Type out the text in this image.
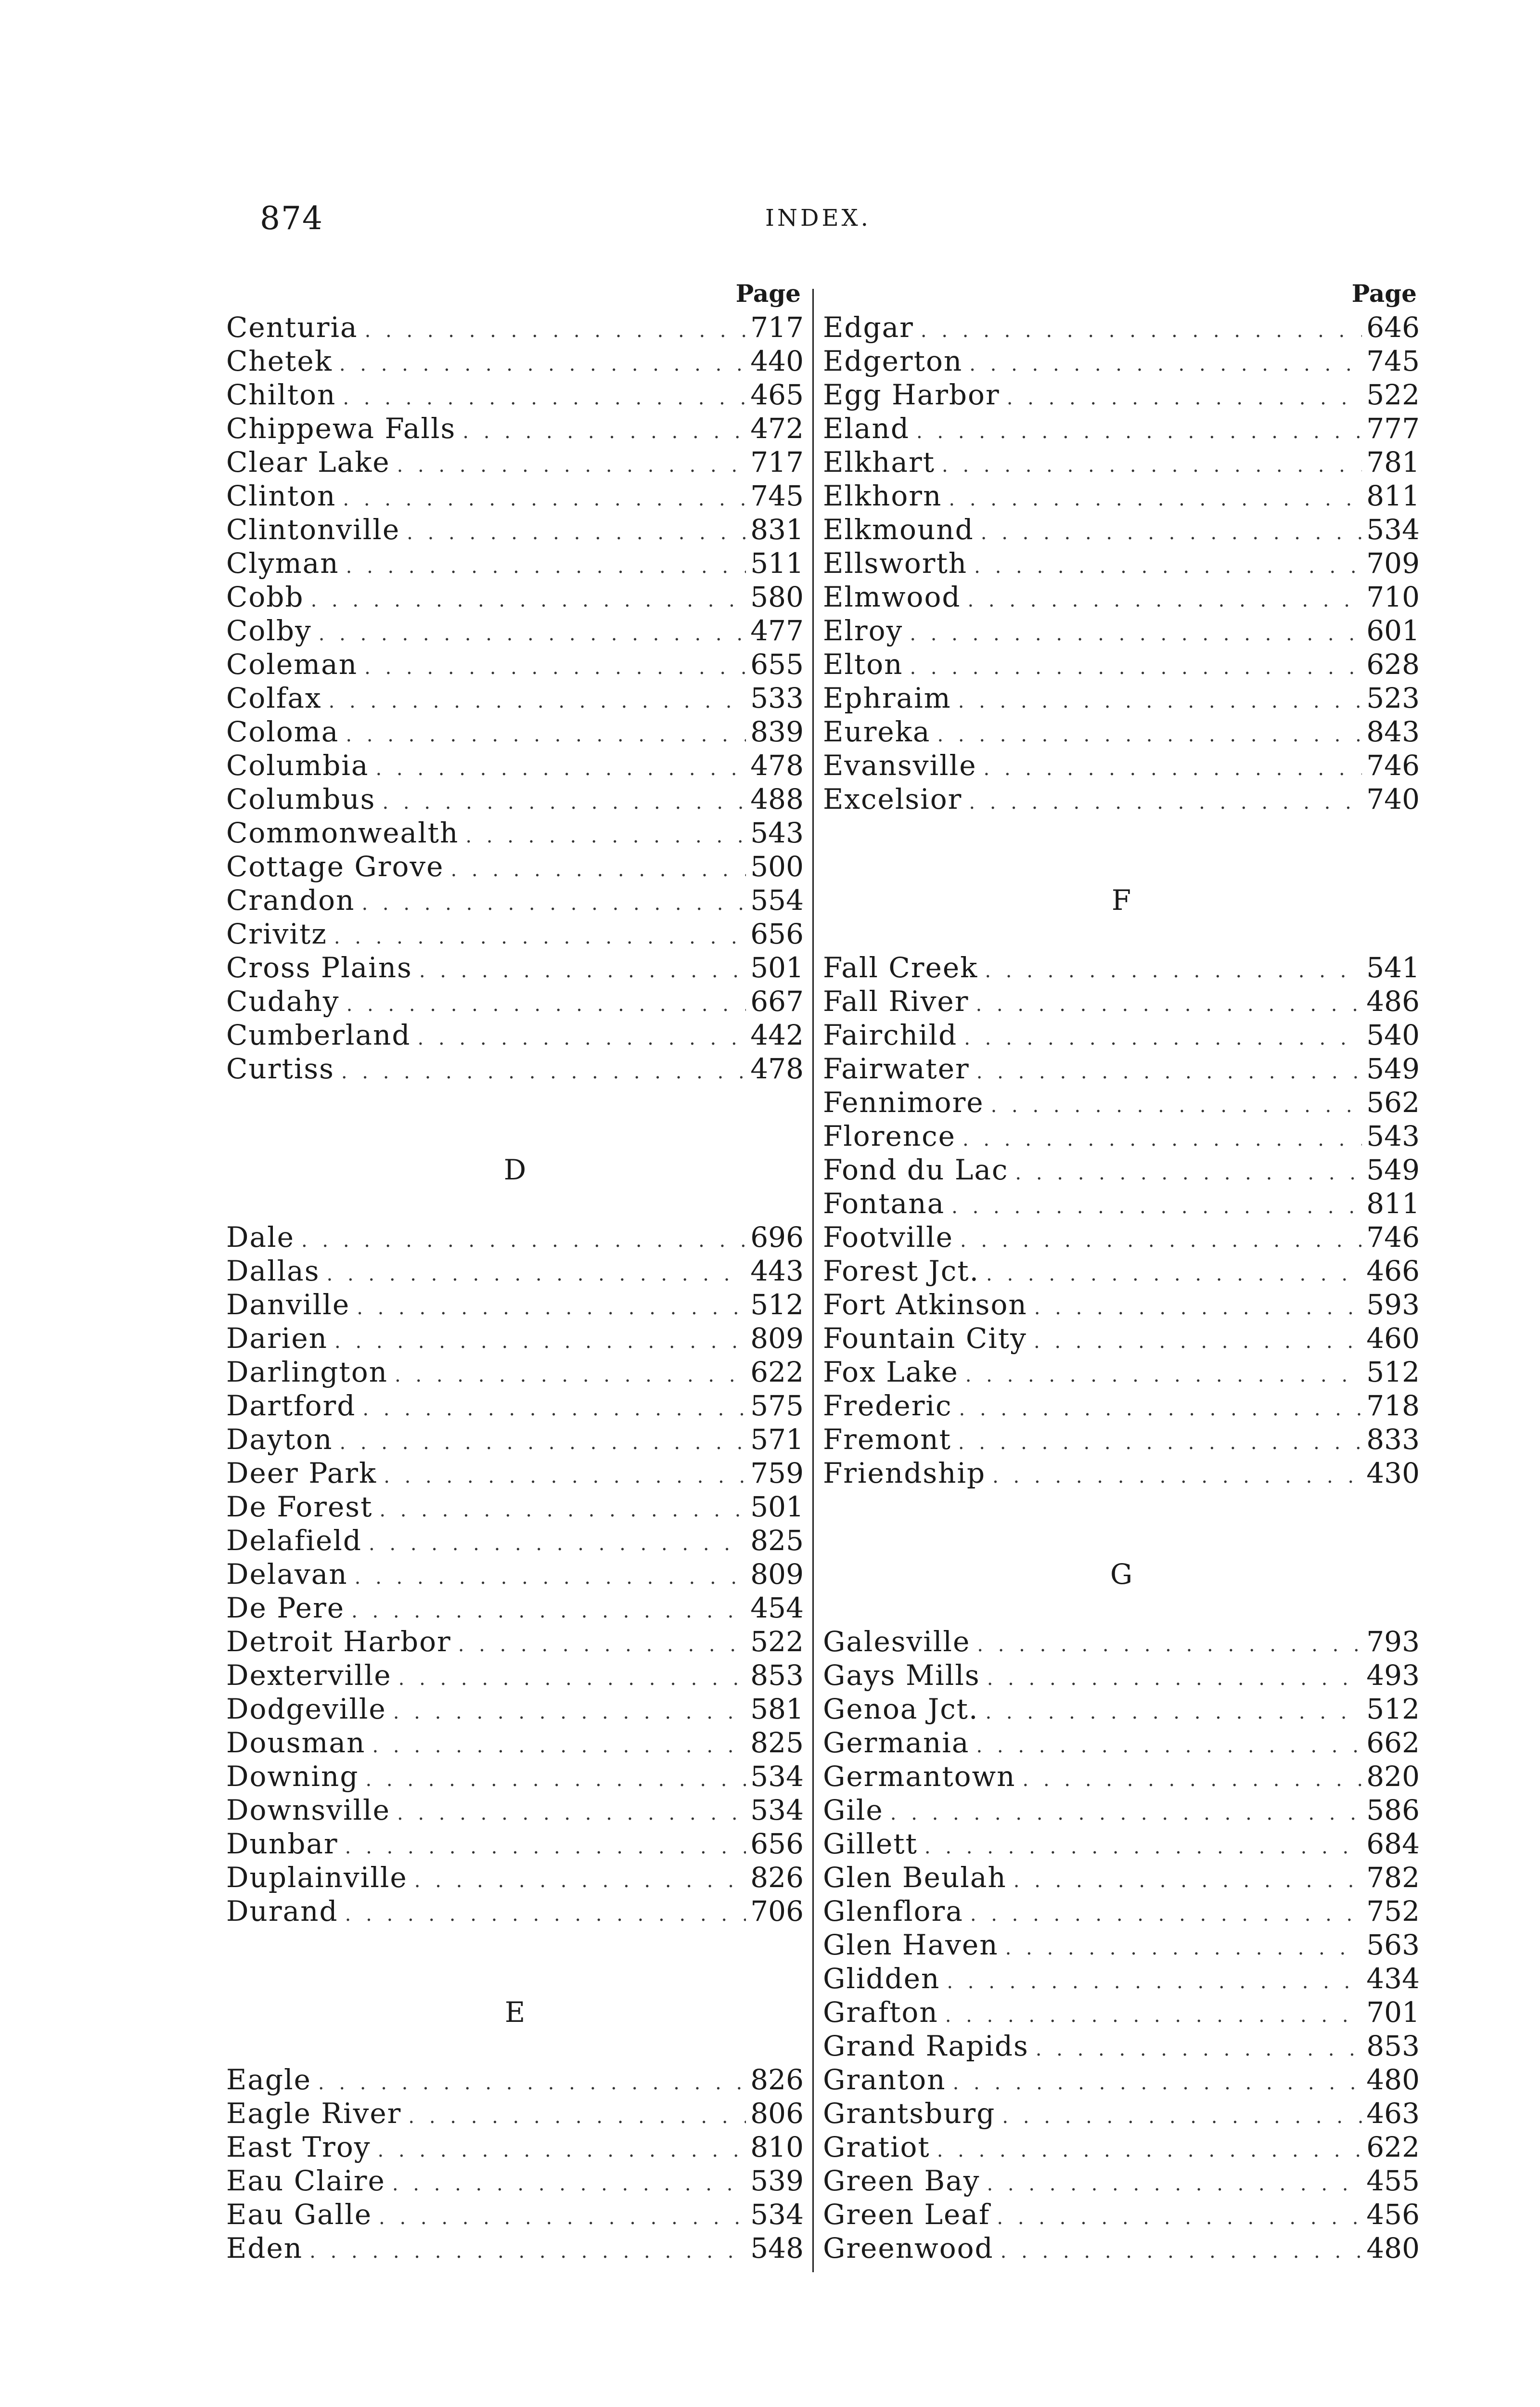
874	INDEX.
Page
Centuria . . .	717
Chetek . . .	440
Chilton . . .	465
Chippewa Falls . . .	472
Clear Lake . . .	717
Clinton . . .	745
Clintonville . . .	831
Clyman . . .	511
Cobb . . .	580
Colby . . .	477
Coleman . . .	655
Colfax . . .	533
Coloma . . .	839
Columbia . . .	478
Columbus . . .	488
Commonwealth . . .	543
Cottage Grove . . .	500
Crandon . . .	554
Crivitz . . .	656
Cross Plains . . .	501
Cudahy . . .	667
Cumberland . . .	442
Curtiss . . .	478
D
Dale . . .	696
Dallas . . .	443
Danville . . .	512
Darien . . .	809
Darlington . . .	622
Dartford . . .	575
Dayton . . .	571
Deer Park . . .	759
De Forest . . .	501
Delafield . . .	825
Delavan . . .	809
De Pere . . .	454
Detroit Harbor . . .	522
Dexterville . . .	853
Dodgeville . . .	581
Dousman . . .	825
Downing . . .	534
Downsville . . .	534
Dunbar . . .	656
Duplainville . . .	826
Durand . . .	706
E
Eagle . . .	826
Eagle River . . .	806
East Troy . . .	810
Eau Claire . . .	539
Eau Galle . . .	534
Eden . . .	548
Page
Edgar . . .	646
Edgerton . . .	745
Egg Harbor . . .	522
Eland . . .	777
Elkhart . . .	781
Elkhorn . . .	811
Elkmound . . .	534
Ellsworth . . .	709
Elmwood . . .	710
Elroy . . .	601
Elton . . .	628
Ephraim . . .	523
Eureka . . .	843
Evansville . . .	746
Excelsior . . .	740
F
Fall Creek . . .	541
Fall River . . .	486
Fairchild . . .	540
Fairwater . . .	549
Fennimore . . .	562
Florence . . .	543
Fond du Lac . . .	549
Fontana . . .	811
Footville . . .	746
Forest Jct. . . .	466
Fort Atkinson . . .	593
Fountain City . . .	460
Fox Lake . . .	512
Frederic . . .	718
Fremont . . .	833
Friendship . . .	430
G
Galesville . . .	793
Gays Mills . . .	493
Genoa Jct. . . .	512
Germania . . .	662
Germantown . . .	820
Gile . . .	586
Gillett . . .	684
Glen Beulah . . .	782
Glenflora . . .	752
Glen Haven . . .	563
Glidden . . .	434
Grafton . . .	701
Grand Rapids . . .	853
Granton . . .	480
Grantsburg . . .	463
Gratiot . . .	622
Green Bay . . .	455
Green Leaf . . .	456
Greenwood . . .	480
